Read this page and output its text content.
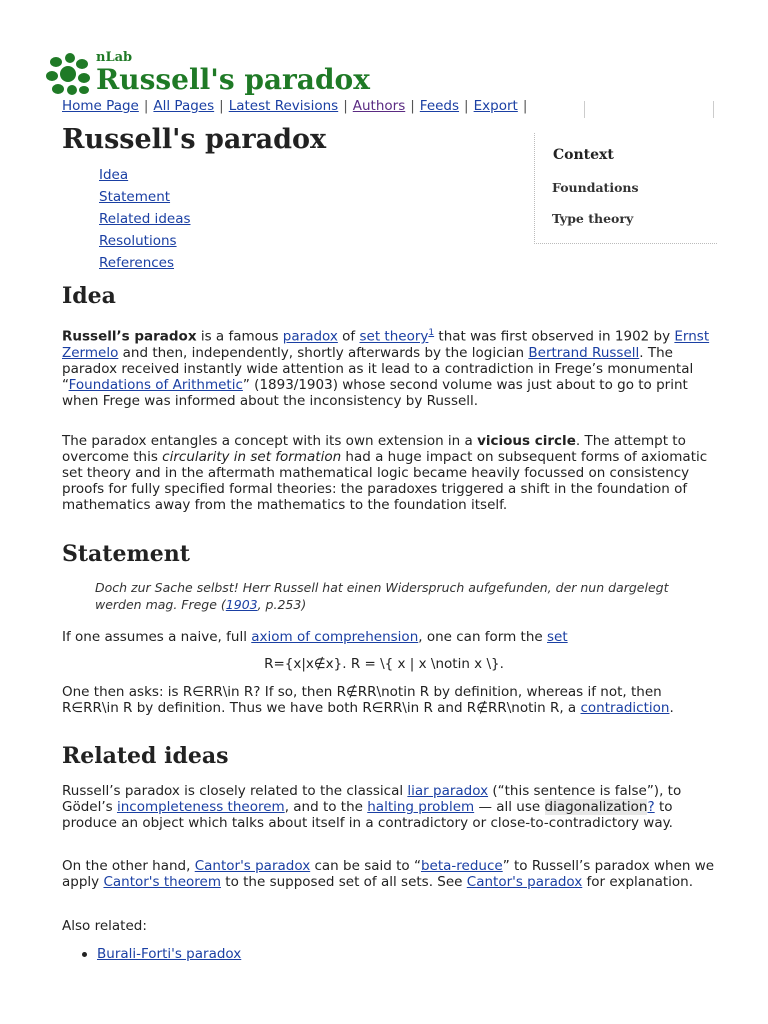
nLab
Russell's paradox
Home Page | All Pages | Latest Revisions | Authors | Feeds | Export |
Context
Foundations
Type theory
Russell's paradox
Idea
Statement
Related ideas
Resolutions
References
Idea

Russell’s paradox is a famous paradox of set theory$^1$ that was first observed in 1902 by Ernst Zermelo and then, independently, shortly afterwards by the logician Bertrand Russell. The paradox received instantly wide attention as it lead to a contradiction in Frege’s monumental “Foundations of Arithmetic” (1893/1903) whose second volume was just about to go to print when Frege was informed about the inconsistency by Russell.

The paradox entangles a concept with its own extension in a vicious circle. The attempt to overcome this circularity in set formation had a huge impact on subsequent forms of axiomatic set theory and in the aftermath mathematical logic became heavily focussed on consistency proofs for fully specified formal theories: the paradoxes triggered a shift in the foundation of mathematics away from the mathematics to the foundation itself.

Statement

Doch zur Sache selbst! Herr Russell hat einen Widerspruch aufgefunden, der nun dargelegt werden mag. Frege (1903, p.253)

If one assumes a naive, full axiom of comprehension, one can form the set

R={x|x∉x}. R = \{ x | x \notin x \}.

One then asks: is R∈RR\in R? If so, then R∉RR\notin R by definition, whereas if not, then R∈RR\in R by definition. Thus we have both R∈RR\in R and R∉RR\notin R, a contradiction.

Related ideas

Russell’s paradox is closely related to the classical liar paradox (“this sentence is false”), to Gödel’s incompleteness theorem, and to the halting problem — all use diagonalization? to produce an object which talks about itself in a contradictory or close-to-contradictory way.

On the other hand, Cantor's paradox can be said to “beta-reduce” to Russell’s paradox when we apply Cantor's theorem to the supposed set of all sets. See Cantor's paradox for explanation.

Also related:

Burali-Forti's paradox
